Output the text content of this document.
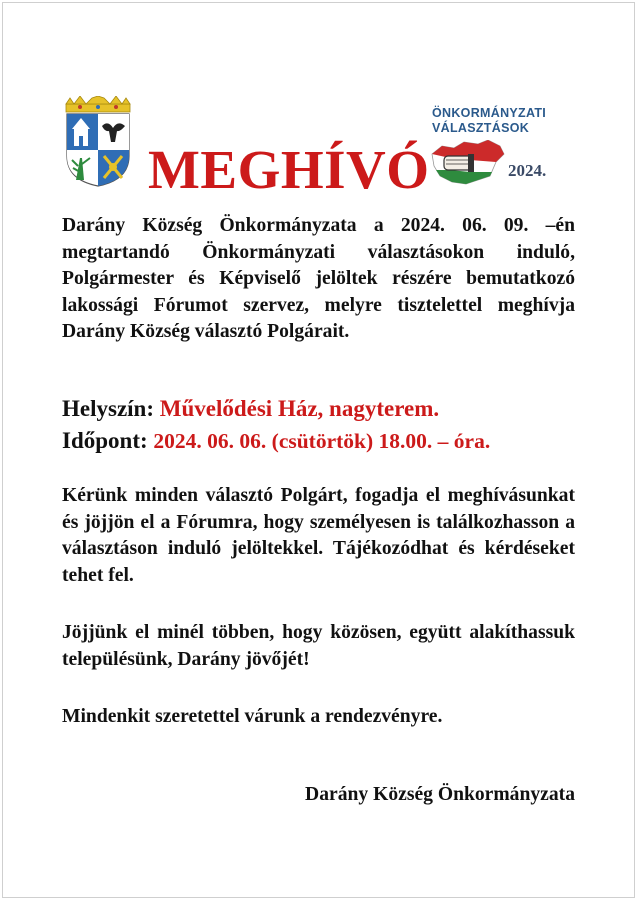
MEGHÍVÓ
ÖNKORMÁNYZATI
VÁLASZTÁSOK
2024.

Darány Község Önkormányzata a 2024. 06. 09. –én megtartandó Önkormányzati választásokon induló, Polgármester és Képviselő jelöltek részére bemutatkozó lakossági Fórumot szervez, melyre tisztelettel meghívja Darány Község választó Polgárait.

Helyszín: Művelődési Ház, nagyterem.

Időpont: 2024. 06. 06. (csütörtök) 18.00. – óra.

Kérünk minden választó Polgárt, fogadja el meghívásunkat és jöjjön el a Fórumra, hogy személyesen is találkozhasson a választáson induló jelöltekkel. Tájékozódhat és kérdéseket tehet fel.

Jöjjünk el minél többen, hogy közösen, együtt alakíthassuk településünk, Darány jövőjét!

Mindenkit szeretettel várunk a rendezvényre.

Darány Község Önkormányzata
